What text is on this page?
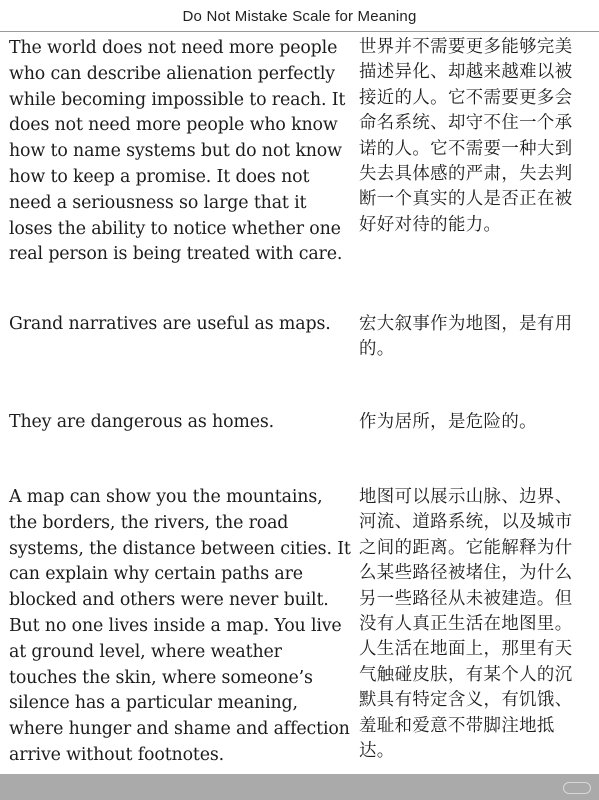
Do Not Mistake Scale for Meaning
The world does not need more people who can describe alienation perfectly while becoming impossible to reach. It does not need more people who know how to name systems but do not know how to keep a promise. It does not need a seriousness so large that it loses the ability to notice whether one real person is being treated with care.
世界并不需要更多能够完美描述异化、却越来越难以被接近的人。它不需要更多会命名系统、却守不住一个承诺的人。它不需要一种大到失去具体感的严肃，失去判断一个真实的人是否正在被好好对待的能力。
Grand narratives are useful as maps.	宏大叙事作为地图，是有用的。
They are dangerous as homes.	作为居所，是危险的。
A map can show you the mountains, the borders, the rivers, the road systems, the distance between cities. It can explain why certain paths are blocked and others were never built. But no one lives inside a map. You live at ground level, where weather touches the skin, where someone’s silence has a particular meaning, where hunger and shame and affection arrive without footnotes.
地图可以展示山脉、边界、河流、道路系统，以及城市之间的距离。它能解释为什么某些路径被堵住，为什么另一些路径从未被建造。但没有人真正生活在地图里。人生活在地面上，那里有天气触碰皮肤，有某个人的沉默具有特定含义，有饥饿、羞耻和爱意不带脚注地抵达。
